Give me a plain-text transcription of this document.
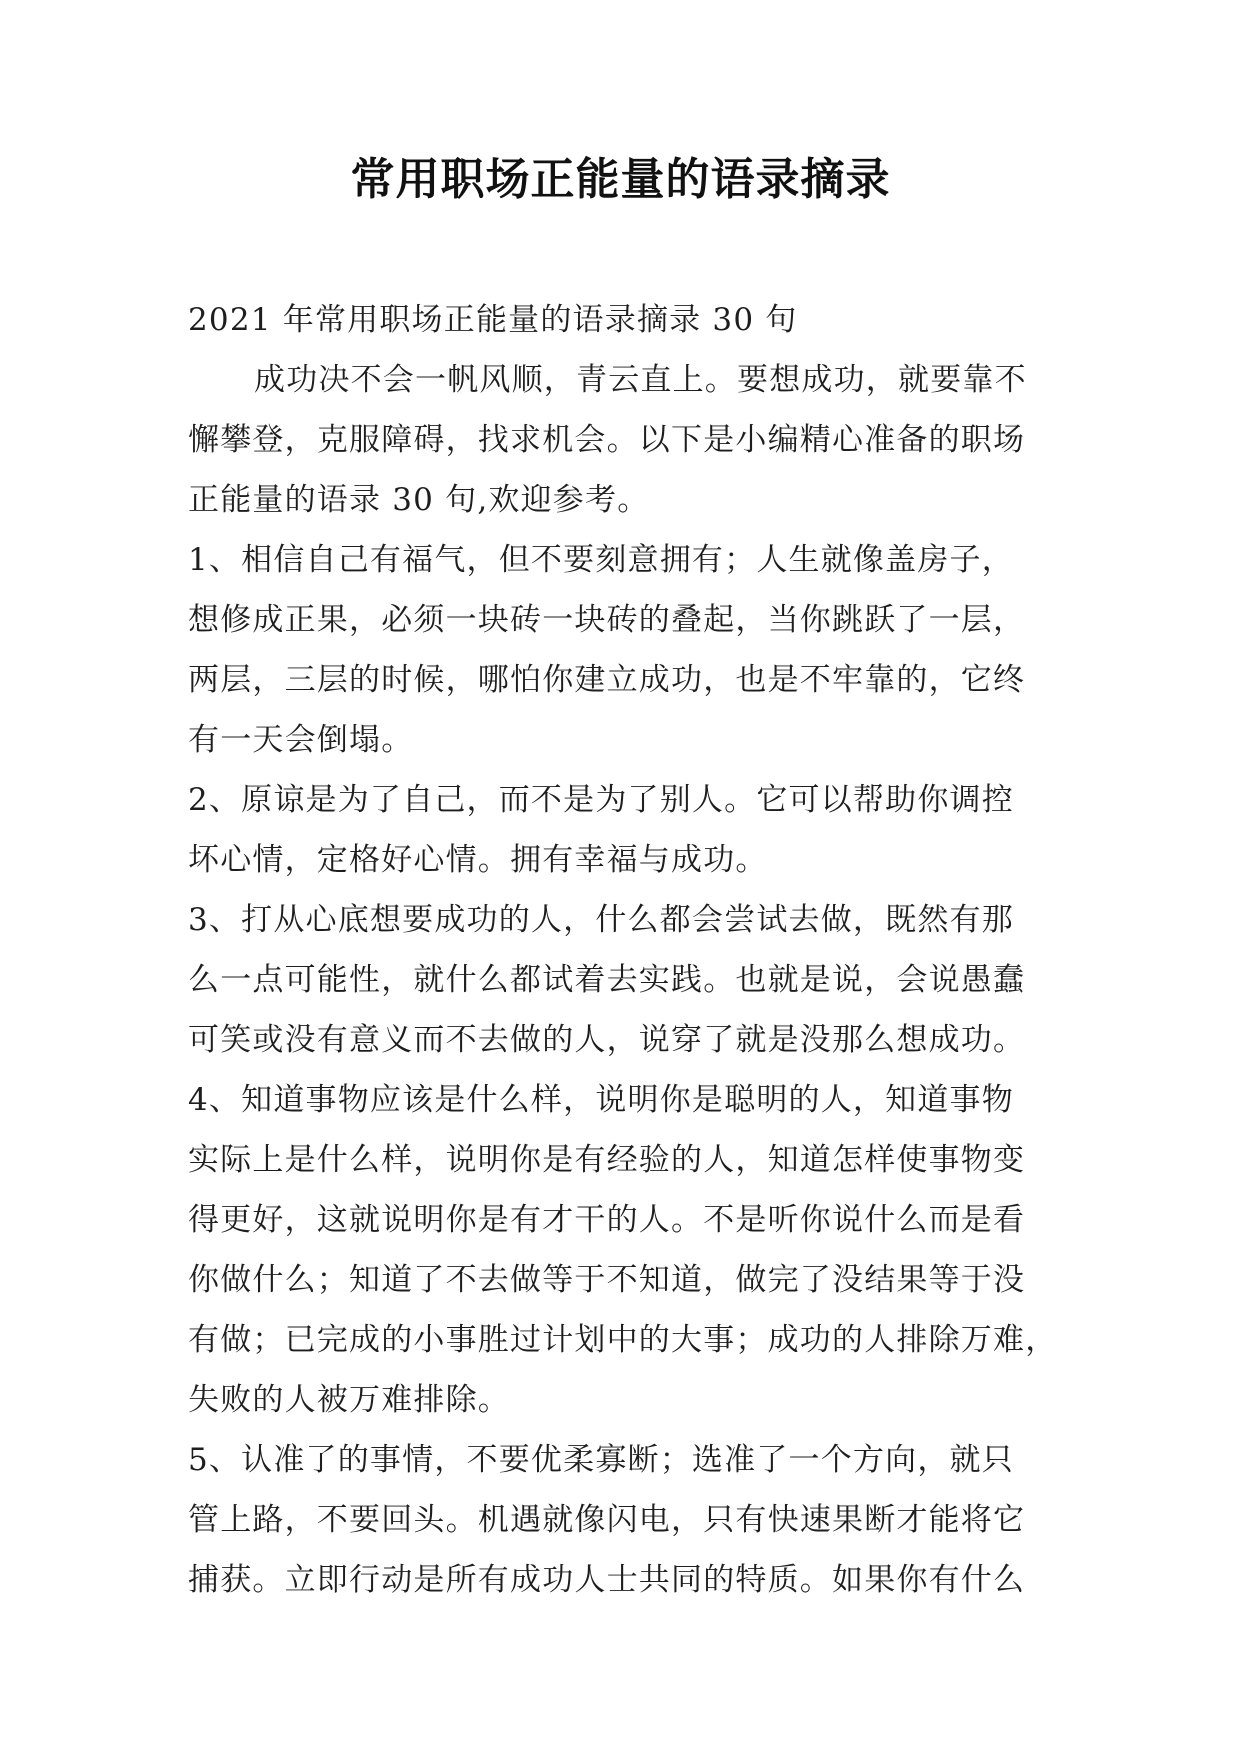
常用职场正能量的语录摘录
2021 年常用职场正能量的语录摘录 30 句
成功决不会一帆风顺，青云直上。要想成功，就要靠不
懈攀登，克服障碍，找求机会。以下是小编精心准备的职场
正能量的语录 30 句,欢迎参考。
1、相信自己有福气，但不要刻意拥有；人生就像盖房子，
想修成正果，必须一块砖一块砖的叠起，当你跳跃了一层，
两层，三层的时候，哪怕你建立成功，也是不牢靠的，它终
有一天会倒塌。
2、原谅是为了自己，而不是为了别人。它可以帮助你调控
坏心情，定格好心情。拥有幸福与成功。
3、打从心底想要成功的人，什么都会尝试去做，既然有那
么一点可能性，就什么都试着去实践。也就是说，会说愚蠢
可笑或没有意义而不去做的人，说穿了就是没那么想成功。
4、知道事物应该是什么样，说明你是聪明的人，知道事物
实际上是什么样，说明你是有经验的人，知道怎样使事物变
得更好，这就说明你是有才干的人。不是听你说什么而是看
你做什么；知道了不去做等于不知道，做完了没结果等于没
有做；已完成的小事胜过计划中的大事；成功的人排除万难，
失败的人被万难排除。
5、认准了的事情，不要优柔寡断；选准了一个方向，就只
管上路，不要回头。机遇就像闪电，只有快速果断才能将它
捕获。立即行动是所有成功人士共同的特质。如果你有什么
